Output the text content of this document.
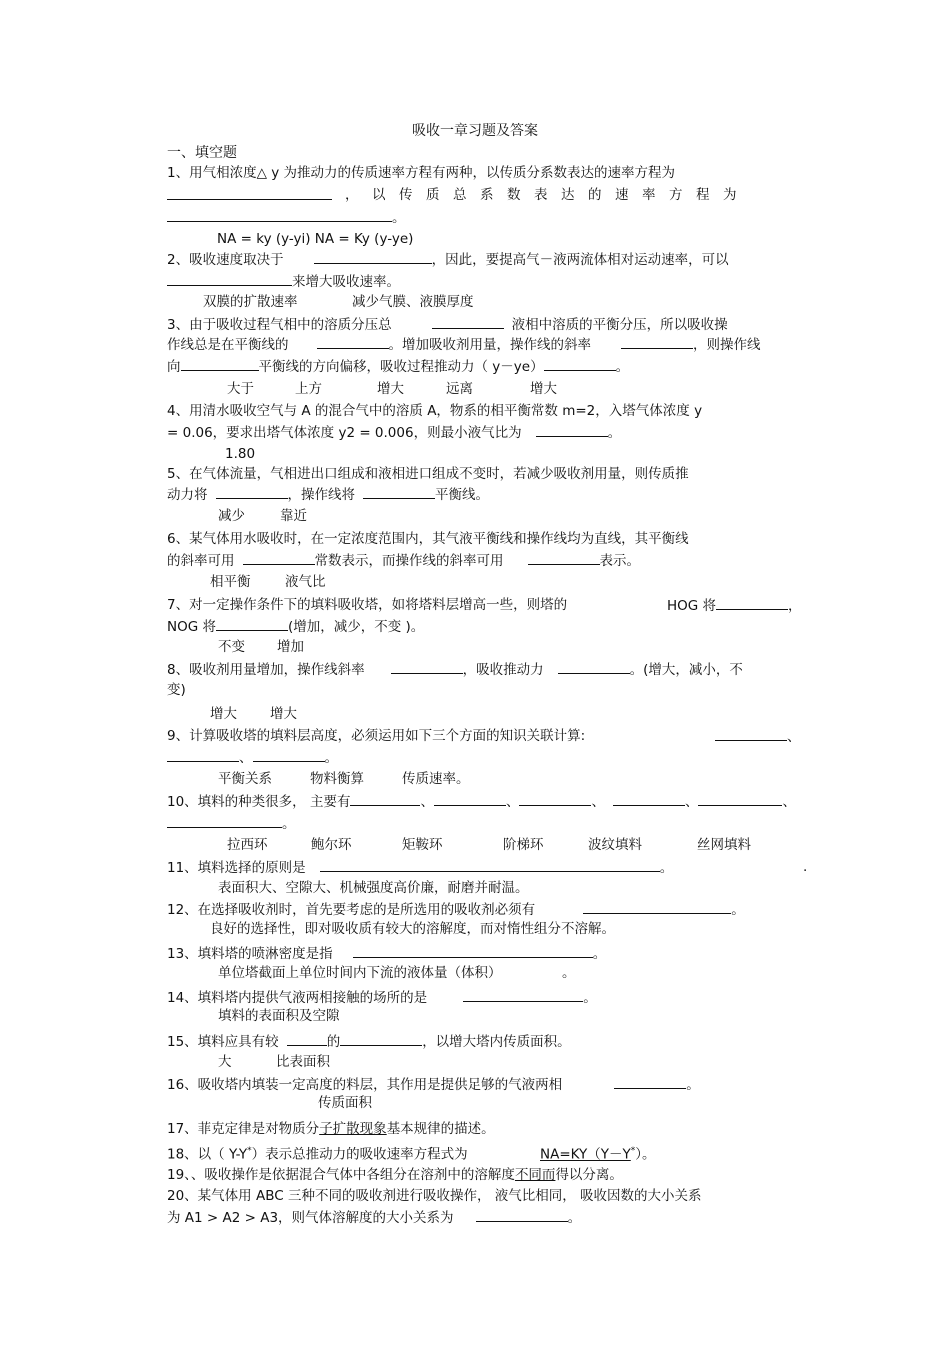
吸收一章习题及答案
一、填空题
1、用气相浓度△ y 为推动力的传质速率方程有两种，以传质分系数表达的速率方程为
，以传质总系数表达的速率方程为
。
NA = ky (y-yi) NA = Ky (y-ye)
2、吸收速度取决于	，因此，要提高气－液两流体相对运动速率，可以
来增大吸收速率。
双膜的扩散速率	减少气膜、液膜厚度
3、由于吸收过程气相中的溶质分压总	液相中溶质的平衡分压，所以吸收操
作线总是在平衡线的	。增加吸收剂用量，操作线的斜率	，则操作线
向	平衡线的方向偏移，吸收过程推动力（ y－ye）	。
大于	上方	增大	远离	增大
4、用清水吸收空气与 A 的混合气中的溶质 A，物系的相平衡常数 m=2，入塔气体浓度 y
= 0.06，要求出塔气体浓度 y2 = 0.006，则最小液气比为	。
1.80
5、在气体流量，气相进出口组成和液相进口组成不变时，若减少吸收剂用量，则传质推
动力将	，操作线将	平衡线。
减少	靠近
6、某气体用水吸收时，在一定浓度范围内，其气液平衡线和操作线均为直线，其平衡线
的斜率可用	常数表示，而操作线的斜率可用	表示。
相平衡	液气比
7、对一定操作条件下的填料吸收塔，如将塔料层增高一些，则塔的	HOG 将	，
NOG 将	(增加，减少，不变 )。
不变 增加
8、吸收剂用量增加，操作线斜率	，吸收推动力	。(增大，减小，不
变)
增大 增大
9、计算吸收塔的填料层高度，必须运用如下三个方面的知识关联计算:	、
、	。
平衡关系	物料衡算	传质速率。
10、填料的种类很多， 主要有	、	、	、	、	、
。
拉西环	鲍尔环	矩鞍环	阶梯环	波纹填料	丝网填料
11、填料选择的原则是	。	.
表面积大、空隙大、机械强度高价廉，耐磨并耐温。
12、在选择吸收剂时，首先要考虑的是所选用的吸收剂必须有	。
良好的选择性，即对吸收质有较大的溶解度，而对惰性组分不溶解。
13、填料塔的喷淋密度是指	。
单位塔截面上单位时间内下流的液体量（体积）	。
14、填料塔内提供气液两相接触的场所的是	。
填料的表面积及空隙
15、填料应具有较	的	，以增大塔内传质面积。
大	比表面积
16、吸收塔内填装一定高度的料层，其作用是提供足够的气液两相	。
传质面积
17、菲克定律是对物质分子扩散现象基本规律的描述。
18、以（ Y-Y*）表示总推动力的吸收速率方程式为	NA=KY（Y－Y*）。
19、、吸收操作是依据混合气体中各组分在溶剂中的溶解度不同而得以分离。
20、某气体用 ABC 三种不同的吸收剂进行吸收操作， 液气比相同， 吸收因数的大小关系
为 A1 > A2 > A3，则气体溶解度的大小关系为	。
